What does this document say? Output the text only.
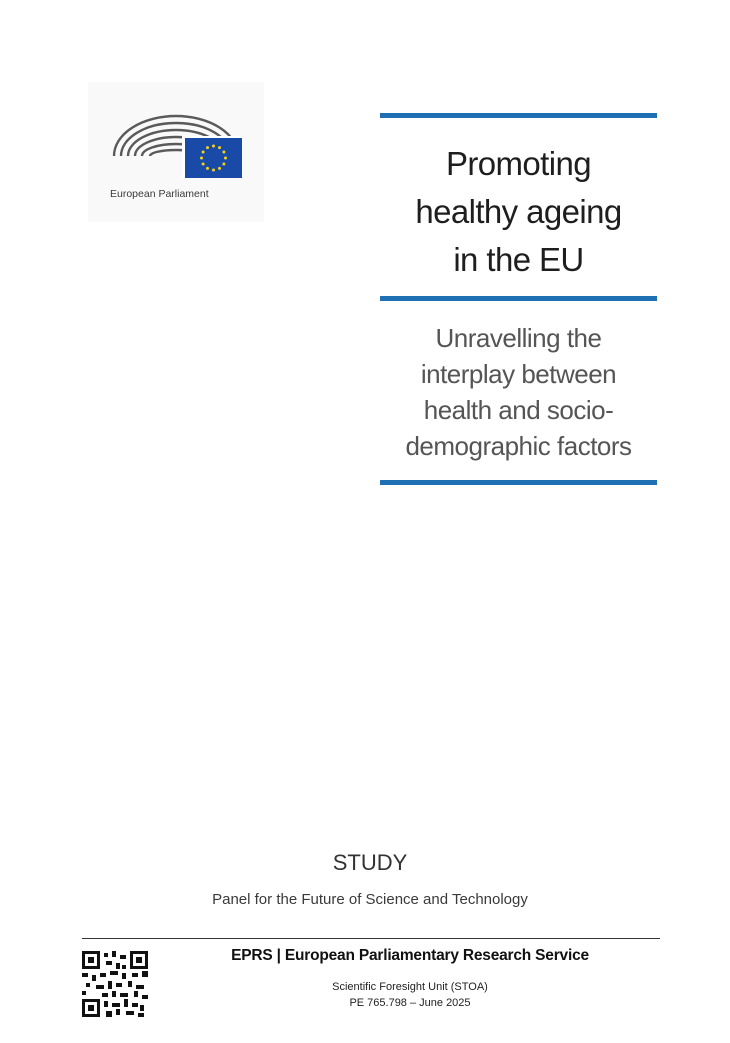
European Parliament
Promoting
healthy ageing
in the EU
Unravelling the
interplay between
health and socio-
demographic factors
STUDY
Panel for the Future of Science and Technology
EPRS | European Parliamentary Research Service
Scientific Foresight Unit (STOA)
PE 765.798 – June 2025
